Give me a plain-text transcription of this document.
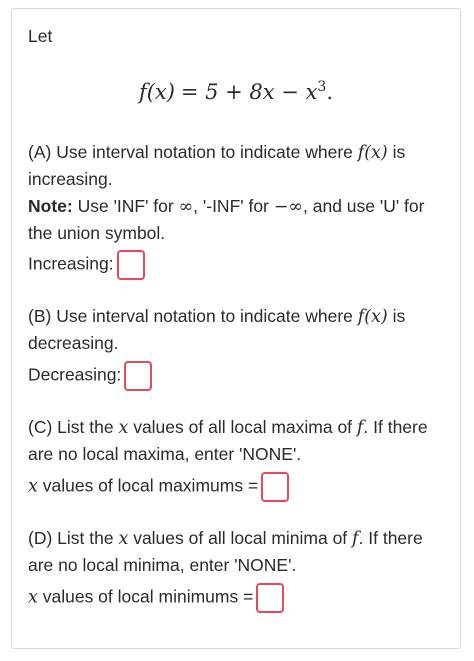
Let
$f(x) = 5 + 8x - x^3$.
(A) Use interval notation to indicate where f(x) is
increasing.
Note: Use 'INF' for ∞, '-INF' for −∞, and use 'U' for
the union symbol.
Increasing:
(B) Use interval notation to indicate where f(x) is
decreasing.
Decreasing:
(C) List the x values of all local maxima of f. If there
are no local maxima, enter 'NONE'.
x values of local maximums =
(D) List the x values of all local minima of f. If there
are no local minima, enter 'NONE'.
x values of local minimums =
